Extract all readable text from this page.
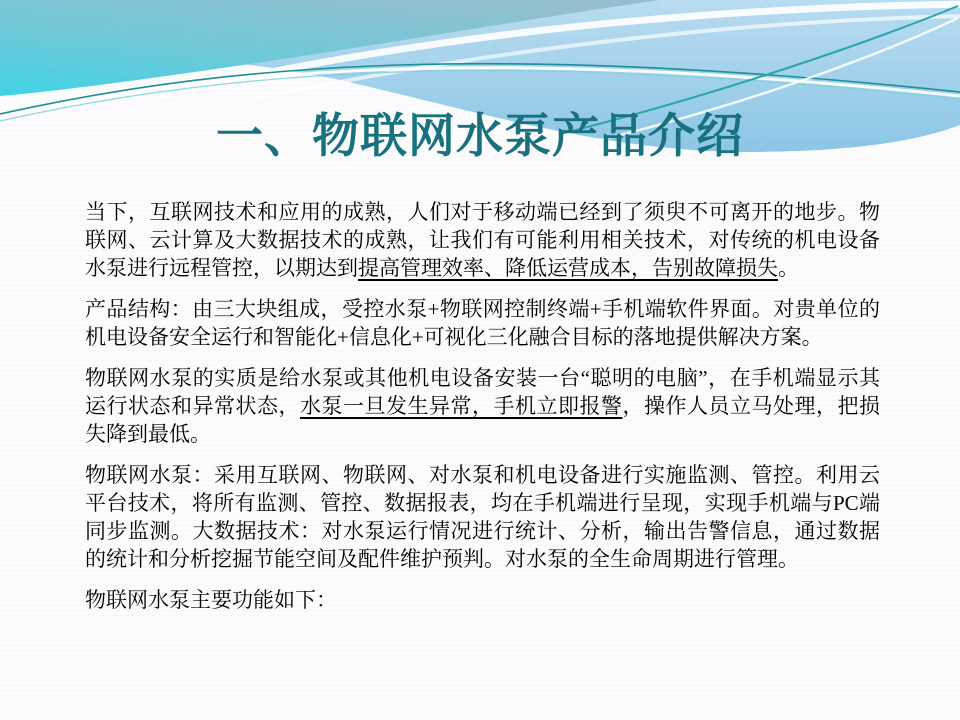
一、物联网水泵产品介绍

当下，互联网技术和应用的成熟，人们对于移动端已经到了须臾不可离开的地步。物联网、云计算及大数据技术的成熟，让我们有可能利用相关技术，对传统的机电设备水泵进行远程管控，以期达到提高管理效率、降低运营成本，告别故障损失。

产品结构：由三大块组成，受控水泵+物联网控制终端+手机端软件界面。对贵单位的机电设备安全运行和智能化+信息化+可视化三化融合目标的落地提供解决方案。

物联网水泵的实质是给水泵或其他机电设备安装一台“聪明的电脑”，在手机端显示其运行状态和异常状态，水泵一旦发生异常，手机立即报警，操作人员立马处理，把损失降到最低。

物联网水泵：采用互联网、物联网、对水泵和机电设备进行实施监测、管控。利用云平台技术，将所有监测、管控、数据报表，均在手机端进行呈现，实现手机端与PC端同步监测。大数据技术：对水泵运行情况进行统计、分析，输出告警信息，通过数据的统计和分析挖掘节能空间及配件维护预判。对水泵的全生命周期进行管理。

物联网水泵主要功能如下：
